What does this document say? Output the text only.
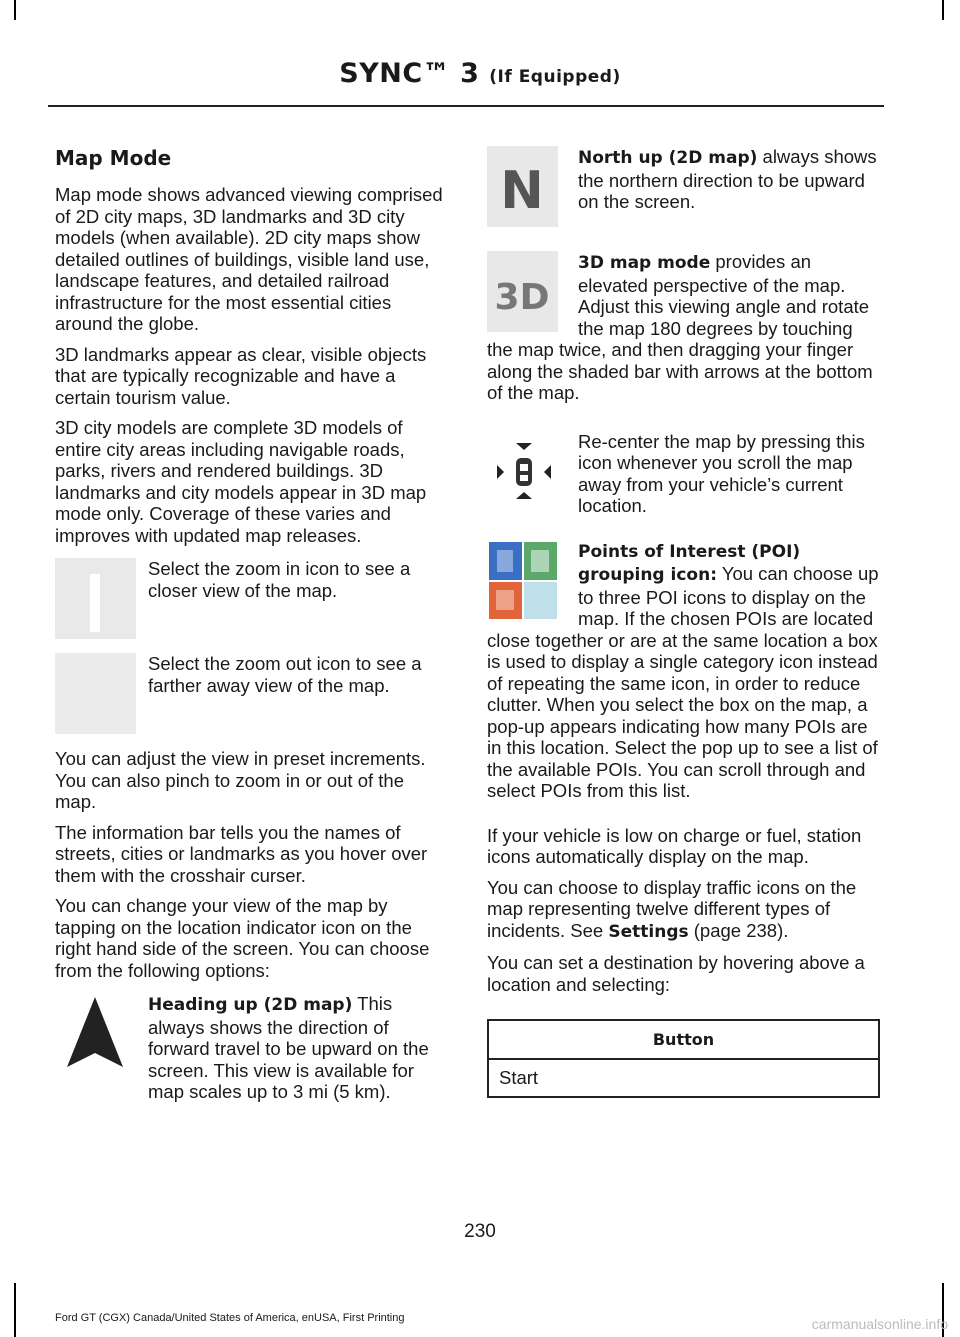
SYNC™ 3 (If Equipped)
Map Mode

Map mode shows advanced viewing comprised of 2D city maps, 3D landmarks and 3D city models (when available). 2D city maps show detailed outlines of buildings, visible land use, landscape features, and detailed railroad infrastructure for the most essential cities around the globe.

3D landmarks appear as clear, visible objects that are typically recognizable and have a certain tourism value.

3D city models are complete 3D models of entire city areas including navigable roads, parks, rivers and rendered buildings. 3D landmarks and city models appear in 3D map mode only. Coverage of these varies and improves with updated map releases.

Select the zoom in icon to see a closer view of the map.
Select the zoom out icon to see a farther away view of the map.

You can adjust the view in preset increments. You can also pinch to zoom in or out of the map.

The information bar tells you the names of streets, cities or landmarks as you hover over them with the crosshair curser.

You can change your view of the map by tapping on the location indicator icon on the right hand side of the screen. You can choose from the following options:

Heading up (2D map) This always shows the direction of forward travel to be upward on the screen. This view is available for map scales up to 3 mi (5 km).
N

North up (2D map) always shows the northern direction to be upward on the screen.

3D

3D map mode provides an elevated perspective of the map. Adjust this viewing angle and rotate the map 180 degrees by touching the map twice, and then dragging your finger along the shaded bar with arrows at the bottom of the map.

Re-center the map by pressing this icon whenever you scroll the map away from your vehicle’s current location.

Points of Interest (POI) grouping icon: You can choose up to three POI icons to display on the map. If the chosen POIs are located close together or are at the same location a box is used to display a single category icon instead of repeating the same icon, in order to reduce clutter. When you select the box on the map, a pop-up appears indicating how many POIs are in this location. Select the pop up to see a list of the available POIs. You can scroll through and select POIs from this list.

If your vehicle is low on charge or fuel, station icons automatically display on the map.

You can choose to display traffic icons on the map representing twelve different types of incidents. See Settings (page 238).

You can set a destination by hovering above a location and selecting:

Button
Start
230
Ford GT (CGX) Canada/United States of America, enUSA, First Printing	carmanualsonline.info
